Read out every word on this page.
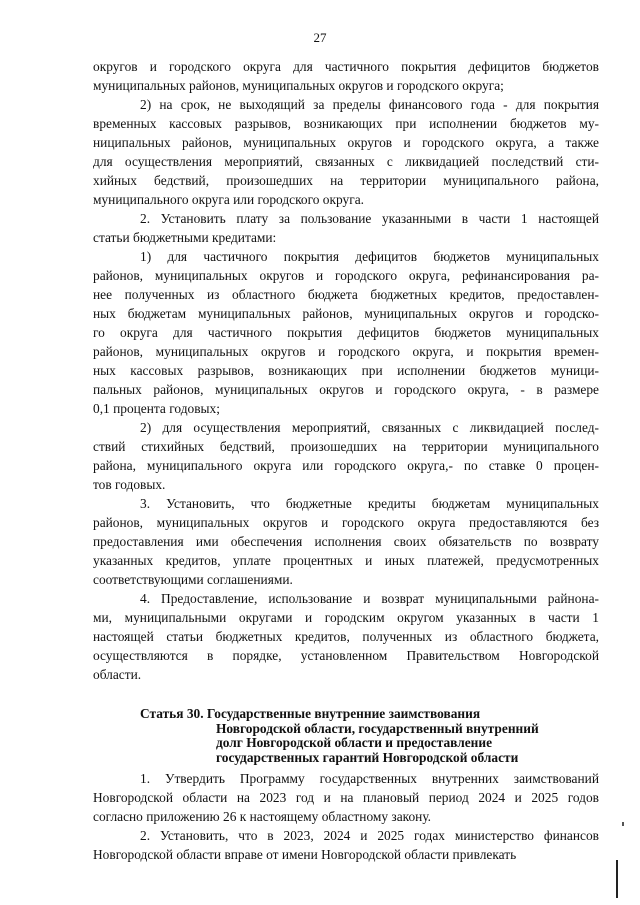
27

округов и городского округа для частичного покрытия дефицитов бюджетов

муниципальных районов, муниципальных округов и городского округа;

2) на срок, не выходящий за пределы финансового года - для покрытия

временных кассовых разрывов, возникающих при исполнении бюджетов му-

ниципальных районов, муниципальных округов и городского округа, а также

для осуществления мероприятий, связанных с ликвидацией последствий сти-

хийных бедствий, произошедших на территории муниципального района,

муниципального округа или городского округа.

2. Установить плату за пользование указанными в части 1 настоящей

статьи бюджетными кредитами:

1) для частичного покрытия дефицитов бюджетов муниципальных

районов, муниципальных округов и городского округа, рефинансирования ра-

нее полученных из областного бюджета бюджетных кредитов, предоставлен-

ных бюджетам муниципальных районов, муниципальных округов и городско-

го округа для частичного покрытия дефицитов бюджетов муниципальных

районов, муниципальных округов и городского округа, и покрытия времен-

ных кассовых разрывов, возникающих при исполнении бюджетов муници-

пальных районов, муниципальных округов и городского округа, - в размере

0,1 процента годовых;

2) для осуществления мероприятий, связанных с ликвидацией послед-

ствий стихийных бедствий, произошедших на территории муниципального

района, муниципального округа или городского округа,- по ставке 0 процен-

тов годовых.

3. Установить, что бюджетные кредиты бюджетам муниципальных

районов, муниципальных округов и городского округа предоставляются без

предоставления ими обеспечения исполнения своих обязательств по возврату

указанных кредитов, уплате процентных и иных платежей, предусмотренных

соответствующими соглашениями.

4. Предоставление, использование и возврат муниципальными райнона-

ми, муниципальными округами и городским округом указанных в части 1

настоящей статьи бюджетных кредитов, полученных из областного бюджета,

осуществляются в порядке, установленном Правительством Новгородской

области.

Статья 30. Государственные внутренние заимствования
Новгородской области, государственный внутренний
долг Новгородской области и предоставление
государственных гарантий Новгородской области

1. Утвердить Программу государственных внутренних заимствований

Новгородской области на 2023 год и на плановый период 2024 и 2025 годов

согласно приложению 26 к настоящему областному закону.

2. Установить, что в 2023, 2024 и 2025 годах министерство финансов

Новгородской области вправе от имени Новгородской области привлекать
